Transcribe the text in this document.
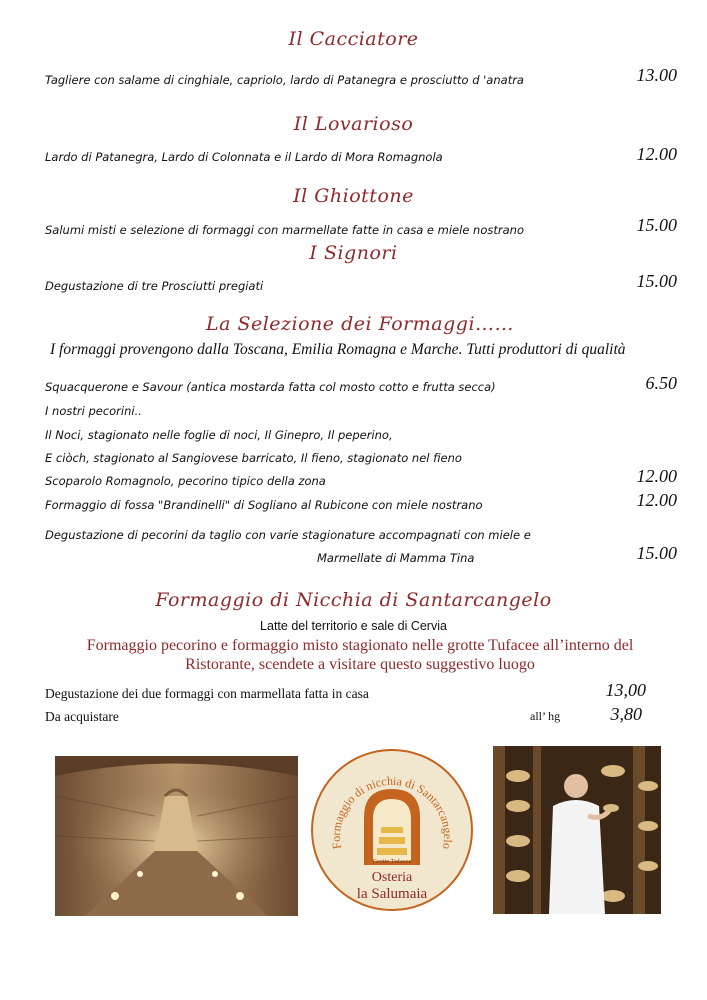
Il Cacciatore
Tagliere con salame di cinghiale, capriolo, lardo di Patanegra e prosciutto d 'anatra	13.00
Il Lovarioso
Lardo di Patanegra, Lardo di Colonnata e il Lardo di Mora Romagnola	12.00
Il Ghiottone
Salumi misti e selezione di formaggi con marmellate fatte in casa e miele nostrano	15.00
I Signori
Degustazione di tre Prosciutti pregiati	15.00
La Selezione dei Formaggi……
I formaggi provengono dalla Toscana, Emilia Romagna e Marche. Tutti produttori di qualità
Squacquerone e Savour (antica mostarda fatta col mosto cotto e frutta secca)	6.50
I nostri pecorini..
Il Noci, stagionato nelle foglie di noci, Il Ginepro, Il peperino,
E ciòch, stagionato al Sangiovese barricato, Il fieno, stagionato nel fieno
Scoparolo Romagnolo, pecorino tipico della zona	12.00
Formaggio di fossa "Brandinelli" di Sogliano al Rubicone con miele nostrano	12.00
Degustazione di pecorini da taglio con varie stagionature accompagnati con miele e
Marmellate di Mamma Tina	15.00
Formaggio di Nicchia di Santarcangelo
Latte del territorio e sale di Cervia
Formaggio pecorino e formaggio misto stagionato nelle grotte Tufacee all’interno del
Ristorante, scendete a visitare questo suggestivo luogo
Degustazione dei due formaggi con marmellata fatta in casa	13,00
Da acquistare	all’ hg	3,80
Formaggio di nicchia di Santarcangelo
Grotte Tufacee
Osteria
la Salumaia
